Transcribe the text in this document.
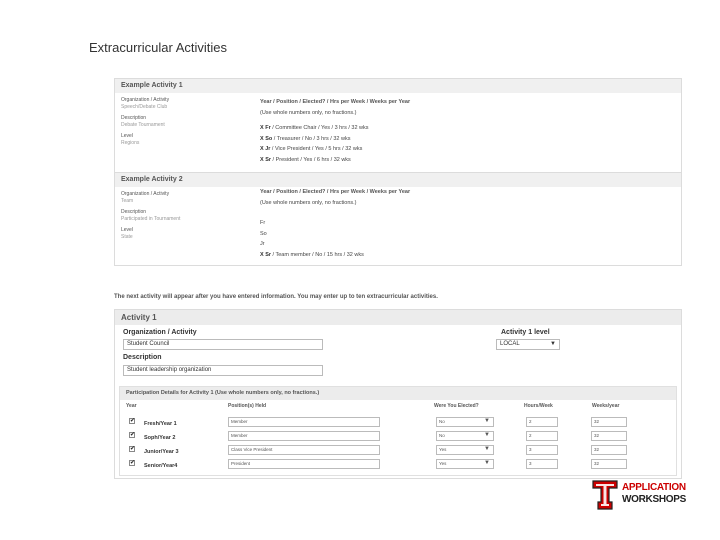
Extracurricular Activities
Example Activity 1
Organization / Activity
Speech/Debate Club
Description
Debate Tournament
Level
Regions
Year / Position / Elected? / Hrs per Week / Weeks per Year
(Use whole numbers only, no fractions.)
X Fr / Committee Chair / Yes / 3 hrs / 32 wks
X So / Treasurer / No / 3 hrs / 32 wks
X Jr / Vice President / Yes / 5 hrs / 32 wks
X Sr / President / Yes / 6 hrs / 32 wks
Example Activity 2
Organization / Activity
Team
Description
Participated in Tournament
Level
State
Year / Position / Elected? / Hrs per Week / Weeks per Year
(Use whole numbers only, no fractions.)
Fr
So
Jr
X Sr / Team member / No / 15 hrs / 32 wks
The next activity will appear after you have entered information. You may enter up to ten extracurricular activities.
Activity 1
Organization / Activity
Student Council
Description
Student leadership organization
Activity 1 level
LOCAL	▼
Participation Details for Activity 1 (Use whole numbers only, no fractions.)
Year	Position(s) Held	Were You Elected?	Hours/Week	Weeks/year
✔ Fresh/Year 1	Member	No	▼	2	32
✔ Soph/Year 2	Member	No	▼	2	32
✔ Junior/Year 3	Class Vice President	Yes	▼	3	32
✔ Senior/Year4	President	Yes	▼	3	32
APPLICATION
WORKSHOPS
